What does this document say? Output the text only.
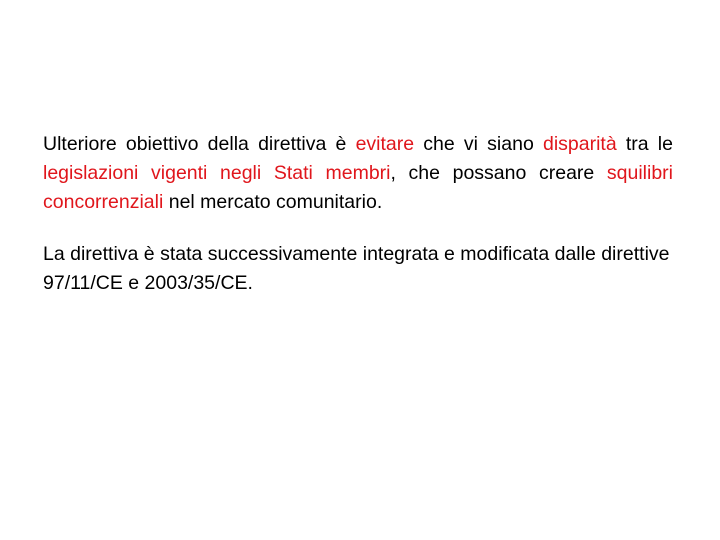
Ulteriore obiettivo della direttiva è evitare che vi siano disparità tra le legislazioni vigenti negli Stati membri, che possano creare squilibri concorrenziali nel mercato comunitario.

La direttiva è stata successivamente integrata e modificata dalle direttive 97/11/CE e 2003/35/CE.
